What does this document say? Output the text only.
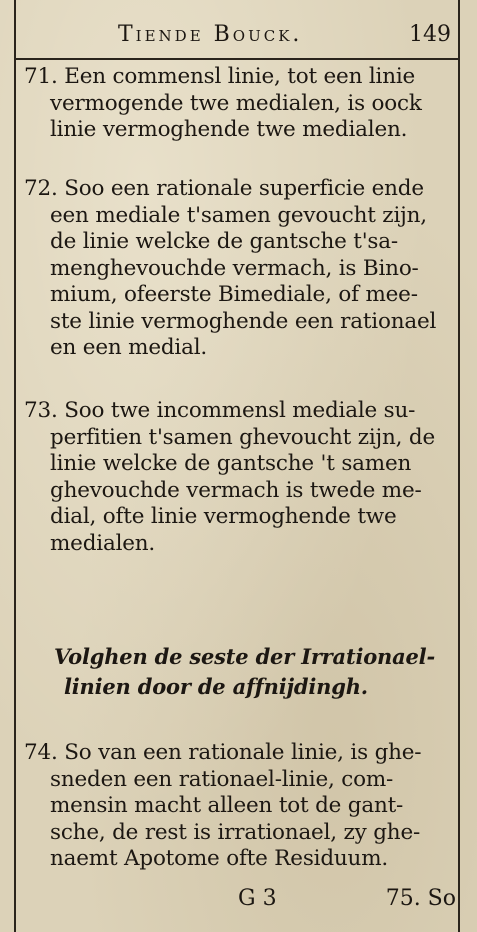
Tiende Bouck.	149
71. Een commensl linie, tot een linie
vermogende twe medialen, is oock
linie vermoghende twe medialen.
72. Soo een rationale superficie ende
een mediale t'samen gevoucht zijn,
de linie welcke de gantsche t'sa-
menghevouchde vermach, is Bino-
mium, ofeerste Bimediale, of mee-
ste linie vermoghende een rationael
en een medial.
73. Soo twe incommensl mediale su-
perfitien t'samen ghevoucht zijn, de
linie welcke de gantsche 't samen
ghevouchde vermach is twede me-
dial, ofte linie vermoghende twe
medialen.
Volghen de seste der Irrationael-
linien door de affnijdingh.
74. So van een rationale linie, is ghe-
sneden een rationael-linie, com-
mensin macht alleen tot de gant-
sche, de rest is irrationael, zy ghe-
naemt Apotome ofte Residuum.
G 3	75. So
